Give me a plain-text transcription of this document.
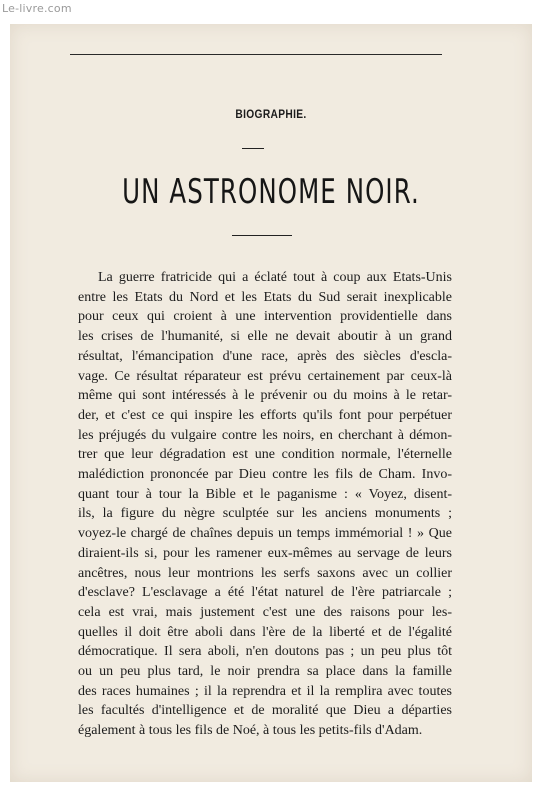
Le-livre.com
BIOGRAPHIE.
UN ASTRONOME NOIR.
La guerre fratricide qui a éclaté tout à coup aux Etats-Unis
entre les Etats du Nord et les Etats du Sud serait inexplicable
pour ceux qui croient à une intervention providentielle dans
les crises de l'humanité, si elle ne devait aboutir à un grand
résultat, l'émancipation d'une race, après des siècles d'escla-
vage. Ce résultat réparateur est prévu certainement par ceux-là
même qui sont intéressés à le prévenir ou du moins à le retar-
der, et c'est ce qui inspire les efforts qu'ils font pour perpétuer
les préjugés du vulgaire contre les noirs, en cherchant à démon-
trer que leur dégradation est une condition normale, l'éternelle
malédiction prononcée par Dieu contre les fils de Cham. Invo-
quant tour à tour la Bible et le paganisme : « Voyez, disent-
ils, la figure du nègre sculptée sur les anciens monuments ;
voyez-le chargé de chaînes depuis un temps immémorial ! » Que
diraient-ils si, pour les ramener eux-mêmes au servage de leurs
ancêtres, nous leur montrions les serfs saxons avec un collier
d'esclave? L'esclavage a été l'état naturel de l'ère patriarcale ;
cela est vrai, mais justement c'est une des raisons pour les-
quelles il doit être aboli dans l'ère de la liberté et de l'égalité
démocratique. Il sera aboli, n'en doutons pas ; un peu plus tôt
ou un peu plus tard, le noir prendra sa place dans la famille
des races humaines ; il la reprendra et il la remplira avec toutes
les facultés d'intelligence et de moralité que Dieu a départies
également à tous les fils de Noé, à tous les petits-fils d'Adam.
